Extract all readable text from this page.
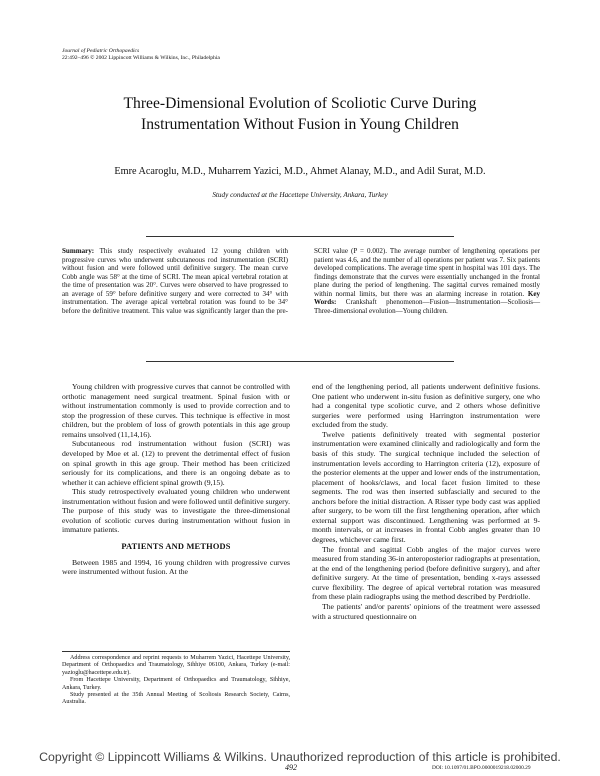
Journal of Pediatric Orthopaedics
22:492–496 © 2002 Lippincott Williams & Wilkins, Inc., Philadelphia
Three-Dimensional Evolution of Scoliotic Curve During
Instrumentation Without Fusion in Young Children
Emre Acaroglu, M.D., Muharrem Yazici, M.D., Ahmet Alanay, M.D., and Adil Surat, M.D.
Study conducted at the Hacettepe University, Ankara, Turkey
Summary: This study respectively evaluated 12 young children with progressive curves who underwent subcutaneous rod instrumentation (SCRI) without fusion and were followed until definitive surgery. The mean curve Cobb angle was 58° at the time of SCRI. The mean apical vertebral rotation at the time of presentation was 20°. Curves were observed to have progressed to an average of 59° before definitive surgery and were corrected to 34° with instrumentation. The average apical vertebral rotation was found to be 34° before the definitive treatment. This value was significantly larger than the pre-SCRI value (P = 0.002). The average number of lengthening operations per patient was 4.6, and the number of all operations per patient was 7. Six patients developed complications. The average time spent in hospital was 101 days. The findings demonstrate that the curves were essentially unchanged in the frontal plane during the period of lengthening. The sagittal curves remained mostly within normal limits, but there was an alarming increase in rotation. Key Words: Crankshaft phenomenon—Fusion—Instrumentation—Scoliosis—Three-dimensional evolution—Young children.

Young children with progressive curves that cannot be controlled with orthotic management need surgical treatment. Spinal fusion with or without instrumentation commonly is used to provide correction and to stop the progression of these curves. This technique is effective in most children, but the problem of loss of growth potentials in this age group remains unsolved (11,14,16).

Subcutaneous rod instrumentation without fusion (SCRI) was developed by Moe et al. (12) to prevent the detrimental effect of fusion on spinal growth in this age group. Their method has been criticized seriously for its complications, and there is an ongoing debate as to whether it can achieve efficient spinal growth (9,15).

This study retrospectively evaluated young children who underwent instrumentation without fusion and were followed until definitive surgery. The purpose of this study was to investigate the three-dimensional evolution of scoliotic curves during instrumentation without fusion in immature patients.

PATIENTS AND METHODS

Between 1985 and 1994, 16 young children with progressive curves were instrumented without fusion. At the

Address correspondence and reprint requests to Muharrem Yazici, Hacettepe University, Department of Orthopaedics and Traumatology, Sihhiye 06100, Ankara, Turkey (e-mail: yazioglu@hacettepe.edu.tr).

From Hacettepe University, Department of Orthopaedics and Traumatology, Sihhiye, Ankara, Turkey.

Study presented at the 35th Annual Meeting of Scoliosis Research Society, Cairns, Australia.

end of the lengthening period, all patients underwent definitive fusions. One patient who underwent in-situ fusion as definitive surgery, one who had a congenital type scoliotic curve, and 2 others whose definitive surgeries were performed using Harrington instrumentation were excluded from the study.

Twelve patients definitively treated with segmental posterior instrumentation were examined clinically and radiologically and form the basis of this study. The surgical technique included the selection of instrumentation levels according to Harrington criteria (12), exposure of the posterior elements at the upper and lower ends of the instrumentation, placement of hooks/claws, and local facet fusion limited to these segments. The rod was then inserted subfascially and secured to the anchors before the initial distraction. A Risser type body cast was applied after surgery, to be worn till the first lengthening operation, after which external support was discontinued. Lengthening was performed at 9-month intervals, or at increases in frontal Cobb angles greater than 10 degrees, whichever came first.

The frontal and sagittal Cobb angles of the major curves were measured from standing 36-in anteroposterior radiographs at presentation, at the end of the lengthening period (before definitive surgery), and after definitive surgery. At the time of presentation, bending x-rays assessed curve flexibility. The degree of apical vertebral rotation was measured from these plain radiographs using the method described by Perdriolle.

The patients' and/or parents' opinions of the treatment were assessed with a structured questionnaire on

Copyright © Lippincott Williams & Wilkins. Unauthorized reproduction of this article is prohibited.
492	DOI: 10.1097/01.BPO.0000019218.02000.29
